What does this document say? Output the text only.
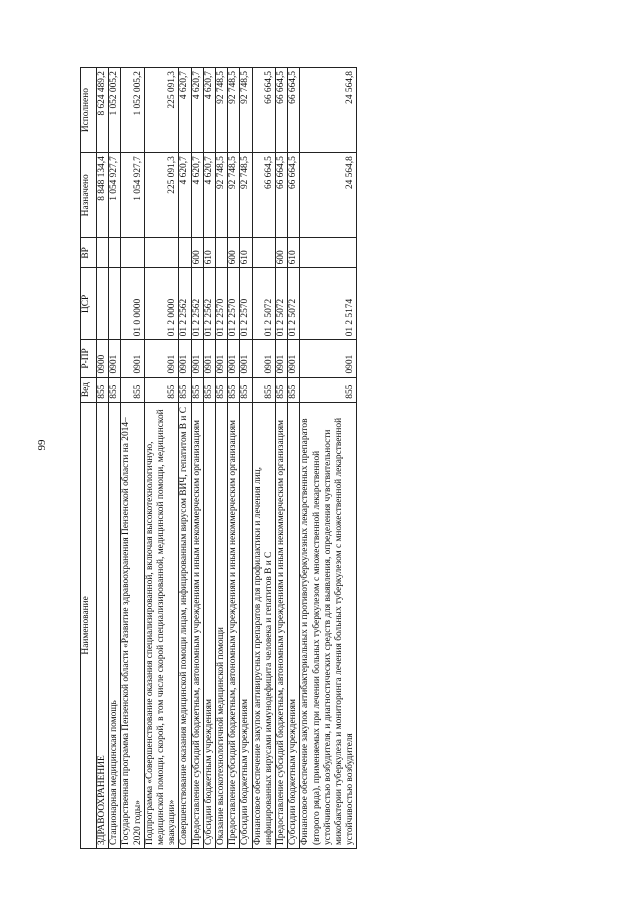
99
Наименование	Вед	Р-ПР	ЦСР	ВР	Назначено	Исполнено
ЗДРАВООХРАНЕНИЕ	855	0900			8 848 134,4	8 624 489,2
Стационарная медицинская помощь	855	0901			1 054 927,7	1 052 005,2
Государственная программа Пензенской области «Развитие здравоохранения Пензенской области на 2014–2020 годы»	855	0901	01 0 0000		1 054 927,7	1 052 005,2
Подпрограмма «Совершенствование оказания специализированной, включая высокотехнологичную, медицинской помощи, скорой, в том числе скорой специализированной, медицинской помощи, медицинской эвакуации»	855	0901	01 2 0000		225 091,3	225 091,3
Совершенствование оказания медицинской помощи лицам, инфицированным вирусом ВИЧ, гепатитом В и С	855	0901	01 2 2562		4 620,7	4 620,7
Предоставление субсидий бюджетным, автономным учреждениям и иным некоммерческим организациям	855	0901	01 2 2562	600	4 620,7	4 620,7
Субсидии бюджетным учреждениям	855	0901	01 2 2562	610	4 620,7	4 620,7
Оказание высокотехнологичной медицинской помощи	855	0901	01 2 2570		92 748,5	92 748,5
Предоставление субсидий бюджетным, автономным учреждениям и иным некоммерческим организациям	855	0901	01 2 2570	600	92 748,5	92 748,5
Субсидии бюджетным учреждениям	855	0901	01 2 2570	610	92 748,5	92 748,5
Финансовое обеспечение закупок антивирусных препаратов для профилактики и лечения лиц, инфицированных вирусами иммунодефицита человека и гепатитов В и С	855	0901	01 2 5072		66 664,5	66 664,5
Предоставление субсидий бюджетным, автономным учреждениям и иным некоммерческим организациям	855	0901	01 2 5072	600	66 664,5	66 664,5
Субсидии бюджетным учреждениям	855	0901	01 2 5072	610	66 664,5	66 664,5
Финансовое обеспечение закупок антибактериальных и противотуберкулезных лекарственных препаратов (второго ряда), применяемых при лечении больных туберкулезом с множественной лекарственной устойчивостью возбудителя, и диагностических средств для выявления, определения чувствительности микобактерии туберкулеза и мониторинга лечения больных туберкулезом с множественной лекарственной устойчивостью возбудителя	855	0901	01 2 5174		24 564,8	24 564,8
